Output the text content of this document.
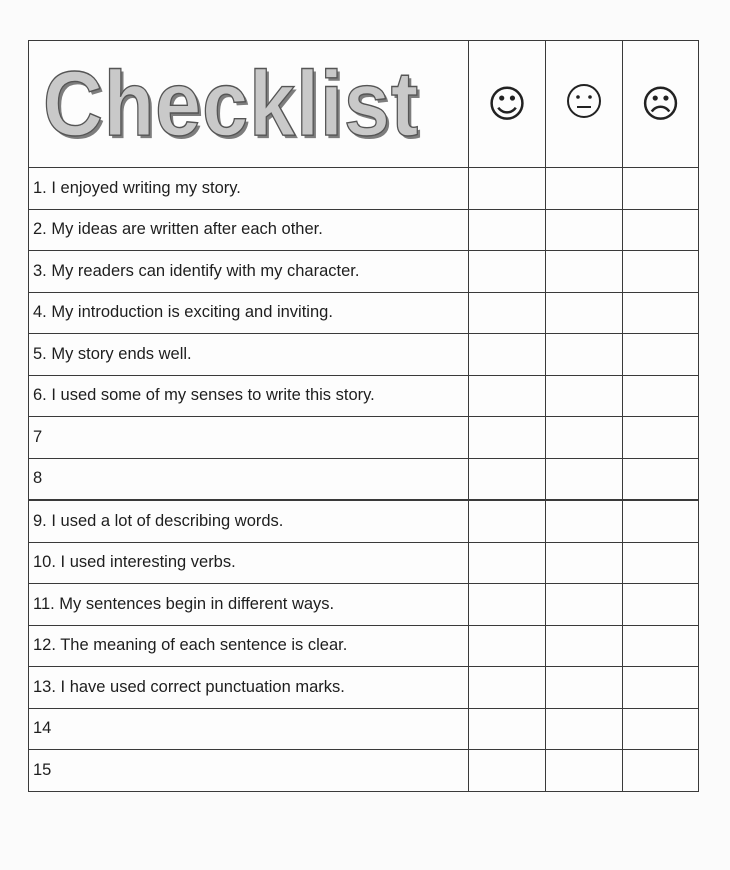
Checklist	☺		☹
1. I enjoyed writing my story.			
2. My ideas are written after each other.			
3. My readers can identify with my character.			
4. My introduction is exciting and inviting.			
5. My story ends well.			
6. I used some of my senses to write this story.			
7			
8			
9. I used a lot of describing words.			
10. I used interesting verbs.			
11. My sentences begin in different ways.			
12. The meaning of each sentence is clear.			
13. I have used correct punctuation marks.			
14			
15			
